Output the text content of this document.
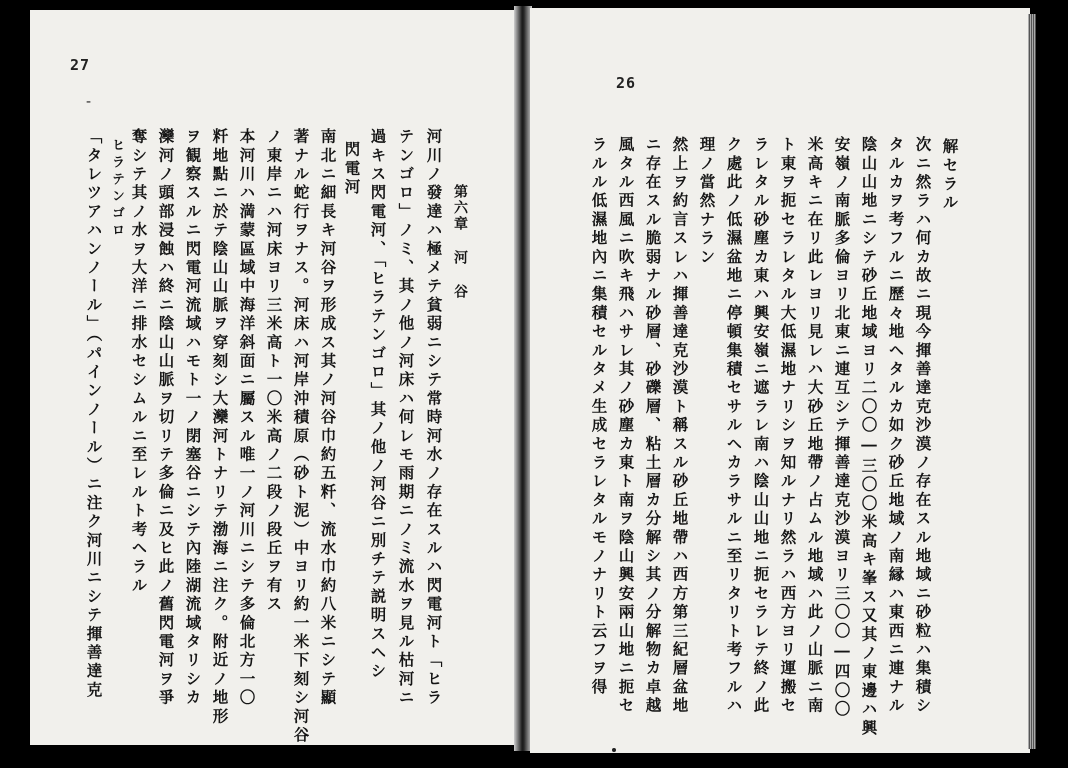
27
-
第六章 河 谷
河川ノ發達ハ極メテ貧弱ニシテ常時河水ノ存在スルハ閃電河ト「ヒラ
テンゴロ」ノミ、其ノ他ノ河床ハ何レモ雨期ニノミ流水ヲ見ル枯河ニ
過キス閃電河、「ヒラテンゴロ」其ノ他ノ河谷ニ別チテ説明スヘシ
閃電河
南北ニ細長キ河谷ヲ形成ス其ノ河谷巾約五粁、流水巾約八米ニシテ顯
著ナル蛇行ヲナス。河床ハ河岸沖積原（砂ト泥）中ヨリ約一米下刻シ河谷
ノ東岸ニハ河床ヨリ三米高ト一〇米高ノ二段ノ段丘ヲ有ス
本河川ハ満蒙區域中海洋斜面ニ屬スル唯一ノ河川ニシテ多倫北方一〇
粁地點ニ於テ陰山山脈ヲ穿刻シ大灤河トナリテ渤海ニ注ク。附近ノ地形
ヲ観察スルニ閃電河流域ハモト一ノ閉塞谷ニシテ內陸湖流域タリシカ
灤河ノ頭部浸蝕ハ終ニ陰山山脈ヲ切リテ多倫ニ及ヒ此ノ舊閃電河ヲ爭
奪シテ其ノ水ヲ大洋ニ排水セシムルニ至レルト考ヘラル
ヒラテンゴロ
「タレツアハンノール」（パインノール）ニ注ク河川ニシテ揮善達克
26
解セラル
次ニ然ラハ何カ故ニ現今揮善達克沙漠ノ存在スル地域ニ砂粒ハ集積シ
タルカヲ考フルニ歷々地ヘタルカ如ク砂丘地域ノ南縁ハ東西ニ連ナル
陰山山地ニシテ砂丘地域ヨリ二〇〇―三〇〇米高キ峯ス又其ノ東邊ハ興
安嶺ノ南脈多倫ヨリ北東ニ連互シテ揮善達克沙漠ヨリ三〇〇―四〇〇
米高キニ在リ此レヨリ見レハ大砂丘地帶ノ占ムル地域ハ此ノ山脈ニ南
ト東ヲ扼セラレタル大低濕地ナリシヲ知ルナリ然ラハ西方ヨリ運搬セ
ラレタル砂塵カ東ハ興安嶺ニ遮ラレ南ハ陰山山地ニ扼セラレテ終ノ此
ク處此ノ低濕盆地ニ停頓集積セサルヘカラサルニ至リタリト考フルハ
理ノ當然ナラン
然上ヲ約言スレハ揮善達克沙漠ト稱スル砂丘地帶ハ西方第三紀層盆地
ニ存在スル脆弱ナル砂層、砂礫層、粘土層カ分解シ其ノ分解物カ卓越
風タル西風ニ吹キ飛ハサレ其ノ砂塵カ東ト南ヲ陰山興安兩山地ニ扼セ
ラルル低濕地內ニ集積セルタメ生成セラレタルモノナリト云フヲ得
